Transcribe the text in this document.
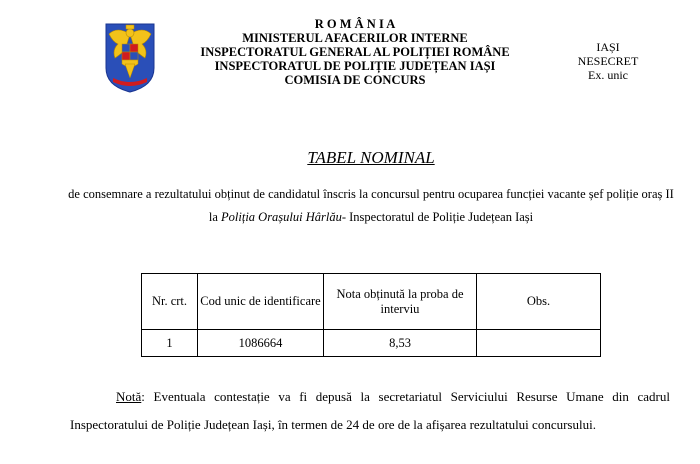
R O M Â N I A
MINISTERUL AFACERILOR INTERNE
INSPECTORATUL GENERAL AL POLIȚIEI ROMÂNE
INSPECTORATUL DE POLIȚIE JUDEȚEAN IAȘI
COMISIA DE CONCURS
IAȘI
NESECRET
Ex. unic
TABEL NOMINAL
de consemnare a rezultatului obținut de candidatul înscris la concursul pentru ocuparea funcției vacante șef poliție oraș II la Poliția Orașului Hârlău- Inspectoratul de Poliție Județean Iași
Nr. crt.	Cod unic de identificare	Nota obținută la proba de interviu	Obs.
1	1086664	8,53	
Notă: Eventuala contestație va fi depusă la secretariatul Serviciului Resurse Umane din cadrul Inspectoratului de Poliție Județean Iași, în termen de 24 de ore de la afișarea rezultatului concursului.
